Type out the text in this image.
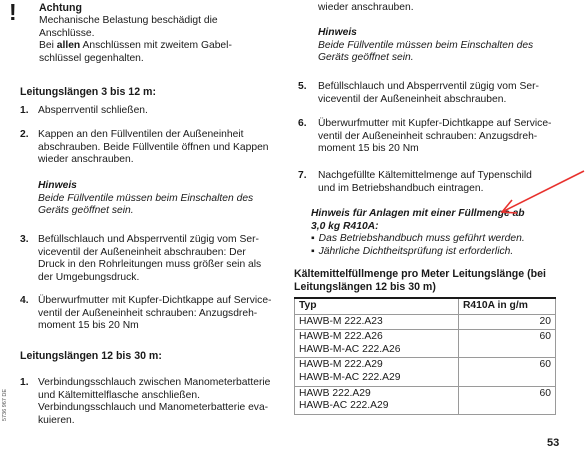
! Achtung
Mechanische Belastung beschädigt die
Anschlüsse.
Bei allen Anschlüssen mit zweitem Gabel-
schlüssel gegenhalten.
Leitungslängen 3 bis 12 m:
1. Absperrventil schließen.
2. Kappen an den Füllventilen der Außeneinheit
abschrauben. Beide Füllventile öffnen und Kappen
wieder anschrauben.
Hinweis
Beide Füllventile müssen beim Einschalten des
Geräts geöffnet sein.
3. Befüllschlauch und Absperrventil zügig vom Ser-
viceventil der Außeneinheit abschrauben: Der
Druck in den Rohrleitungen muss größer sein als
der Umgebungsdruck.
4. Überwurfmutter mit Kupfer-Dichtkappe auf Service-
ventil der Außeneinheit schrauben: Anzugsdreh-
moment 15 bis 20 Nm
Leitungslängen 12 bis 30 m:
1. Verbindungsschlauch zwischen Manometerbatterie
und Kältemittelflasche anschließen.
Verbindungsschlauch und Manometerbatterie eva-
kuieren.
5736 967 DE
wieder anschrauben.
Hinweis
Beide Füllventile müssen beim Einschalten des
Geräts geöffnet sein.
5. Befüllschlauch und Absperrventil zügig vom Ser-
viceventil der Außeneinheit abschrauben.
6. Überwurfmutter mit Kupfer-Dichtkappe auf Service-
ventil der Außeneinheit schrauben: Anzugsdreh-
moment 15 bis 20 Nm
7. Nachgefüllte Kältemittelmenge auf Typenschild
und im Betriebshandbuch eintragen.
Hinweis für Anlagen mit einer Füllmenge ab
3,0 kg R410A:
▪ Das Betriebshandbuch muss geführt werden.
▪ Jährliche Dichtheitsprüfung ist erforderlich.
Kältemittelfüllmenge pro Meter Leitungslänge (bei
Leitungslängen 12 bis 30 m)
Typ	R410A in g/m

HAWB-M 222.A23	20

HAWB-M 222.A26
HAWB-M-AC 222.A26	60

HAWB-M 222.A29
HAWB-M-AC 222.A29	60

HAWB 222.A29
HAWB-AC 222.A29	60
53
